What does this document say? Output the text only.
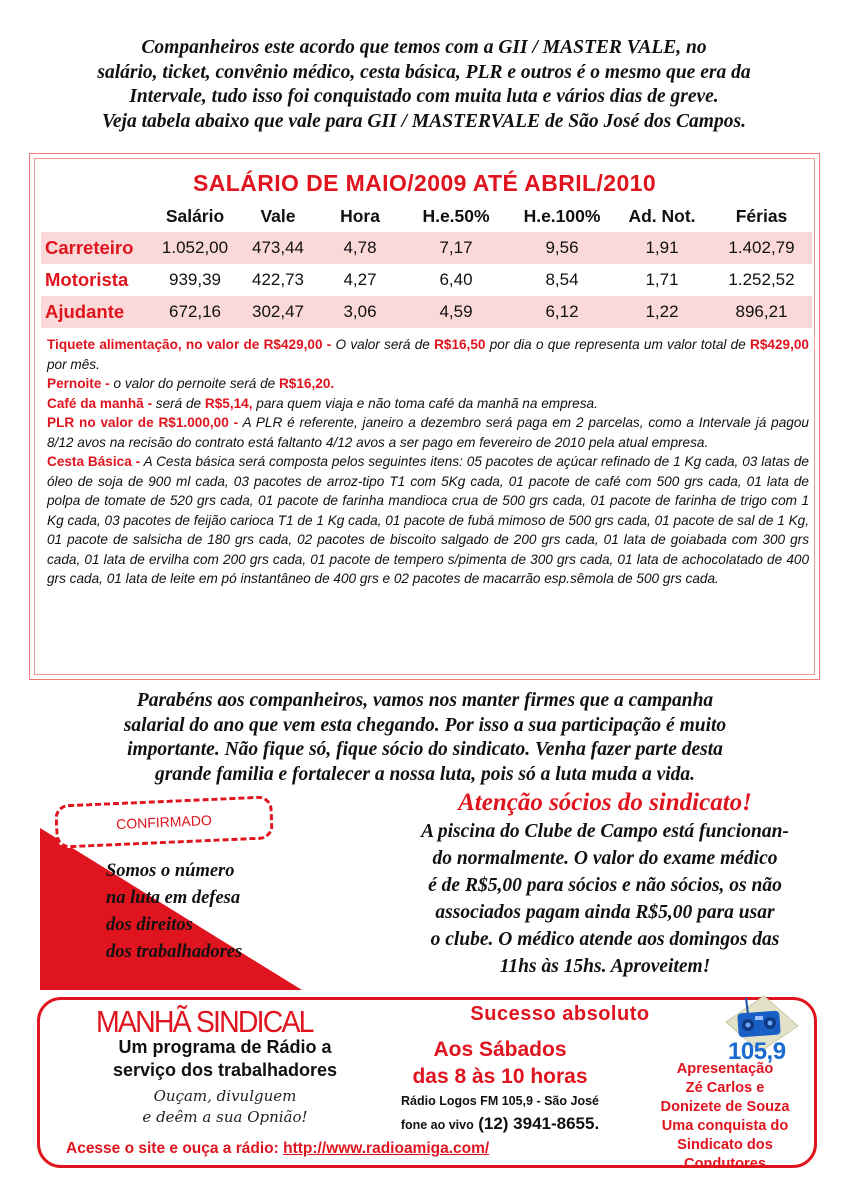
Companheiros este acordo que temos com a GII / MASTER VALE, no
salário, ticket, convênio médico, cesta básica, PLR e outros é o mesmo que era da
Intervale, tudo isso foi conquistado com muita luta e vários dias de greve.
Veja tabela abaixo que vale para GII / MASTERVALE de São José dos Campos.
SALÁRIO DE MAIO/2009 ATÉ ABRIL/2010
	Salário	Vale	Hora	H.e.50%	H.e.100%	Ad. Not.	Férias
Carreteiro	1.052,00	473,44	4,78	7,17	9,56	1,91	1.402,79
Motorista	939,39	422,73	4,27	6,40	8,54	1,71	1.252,52
Ajudante	672,16	302,47	3,06	4,59	6,12	1,22	896,21
Tiquete alimentação, no valor de R$429,00 - O valor será de R$16,50 por dia o que representa um valor total de R$429,00 por mês.
Pernoite - o valor do pernoite será de R$16,20.
Café da manhã - será de R$5,14, para quem viaja e não toma café da manhã na empresa.
PLR no valor de R$1.000,00 - A PLR é referente, janeiro a dezembro será paga em 2 parcelas, como a Intervale já pagou 8/12 avos na recisão do contrato está faltanto 4/12 avos a ser pago em fevereiro de 2010 pela atual empresa.
Cesta Básica - A Cesta básica será composta pelos seguintes itens: 05 pacotes de açúcar refinado de 1 Kg cada, 03 latas de óleo de soja de 900 ml cada, 03 pacotes de arroz-tipo T1 com 5Kg cada, 01 pacote de café com 500 grs cada, 01 lata de polpa de tomate de 520 grs cada, 01 pacote de farinha mandioca crua de 500 grs cada, 01 pacote de farinha de trigo com 1 Kg cada, 03 pacotes de feijão carioca T1 de 1 Kg cada, 01 pacote de fubá mimoso de 500 grs cada, 01 pacote de sal de 1 Kg, 01 pacote de salsicha de 180 grs cada, 02 pacotes de biscoito salgado de 200 grs cada, 01 lata de goiabada com 300 grs cada, 01 lata de ervilha com 200 grs cada, 01 pacote de tempero s/pimenta de 300 grs cada, 01 lata de achocolatado de 400 grs cada, 01 lata de leite em pó instantâneo de 400 grs e 02 pacotes de macarrão esp.sêmola de 500 grs cada.
Parabéns aos companheiros, vamos nos manter firmes que a campanha
salarial do ano que vem esta chegando. Por isso a sua participação é muito
importante. Não fique só, fique sócio do sindicato. Venha fazer parte desta
grande familia e fortalecer a nossa luta, pois só a luta muda a vida.
CONFIRMADO
Somos o número
na luta em defesa
dos direitos
dos trabalhadores
Atenção sócios do sindicato!
A piscina do Clube de Campo está funcionan-
do normalmente. O valor do exame médico
é de R$5,00 para sócios e não sócios, os não
associados pagam ainda R$5,00 para usar
o clube. O médico atende aos domingos das
11hs às 15hs. Aproveitem!
MANHÃ SINDICAL
Um programa de Rádio a
serviço dos trabalhadores
Ouçam, divulguem
e deêm a sua Opnião!
Sucesso absoluto
Aos Sábados
das 8 às 10 horas
Rádio Logos FM 105,9 - São José
fone ao vivo (12) 3941-8655.
Acesse o site e ouça a rádio: http://www.radioamiga.com/
105,9
Apresentação
Zé Carlos e
Donizete de Souza
Uma conquista do
Sindicato dos Condutores
